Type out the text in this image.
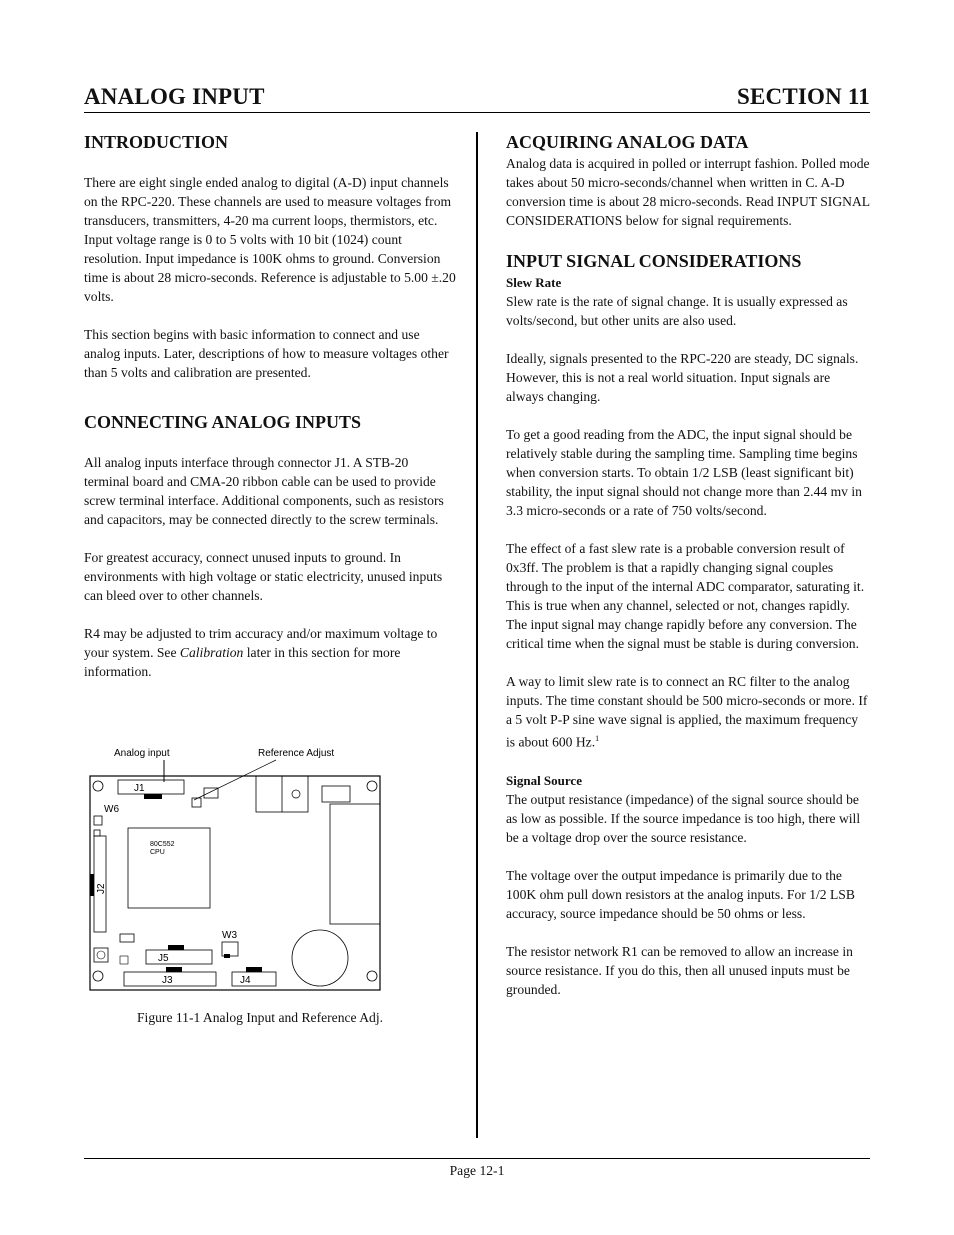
ANALOG INPUT	SECTION 11
INTRODUCTION

There are eight single ended analog to digital (A-D) input channels on the RPC-220. These channels are used to measure voltages from transducers, transmitters, 4-20 ma current loops, thermistors, etc. Input voltage range is 0 to 5 volts with 10 bit (1024) count resolution. Input impedance is 100K ohms to ground. Conversion time is about 28 micro-seconds. Reference is adjustable to 5.00 ±.20 volts.

This section begins with basic information to connect and use analog inputs. Later, descriptions of how to measure voltages other than 5 volts and calibration are presented.

CONNECTING ANALOG INPUTS

All analog inputs interface through connector J1. A STB-20 terminal board and CMA-20 ribbon cable can be used to provide screw terminal interface. Additional components, such as resistors and capacitors, may be connected directly to the screw terminals.

For greatest accuracy, connect unused inputs to ground. In environments with high voltage or static electricity, unused inputs can bleed over to other channels.

R4 may be adjusted to trim accuracy and/or maximum voltage to your system. See Calibration later in this section for more information.

Analog input	Reference Adjust
J1
W6
J2
80C552
CPU
W3
J5
J3	J4
Figure 11-1 Analog Input and Reference Adj.
ACQUIRING ANALOG DATA

Analog data is acquired in polled or interrupt fashion. Polled mode takes about 50 micro-seconds/channel when written in C. A-D conversion time is about 28 micro-seconds. Read INPUT SIGNAL CONSIDERATIONS below for signal requirements.

INPUT SIGNAL CONSIDERATIONS

Slew Rate

Slew rate is the rate of signal change. It is usually expressed as volts/second, but other units are also used.

Ideally, signals presented to the RPC-220 are steady, DC signals. However, this is not a real world situation. Input signals are always changing.

To get a good reading from the ADC, the input signal should be relatively stable during the sampling time. Sampling time begins when conversion starts. To obtain 1/2 LSB (least significant bit) stability, the input signal should not change more than 2.44 mv in 3.3 micro-seconds or a rate of 750 volts/second.

The effect of a fast slew rate is a probable conversion result of 0x3ff. The problem is that a rapidly changing signal couples through to the input of the internal ADC comparator, saturating it. This is true when any channel, selected or not, changes rapidly. The input signal may change rapidly before any conversion. The critical time when the signal must be stable is during conversion.

A way to limit slew rate is to connect an RC filter to the analog inputs. The time constant should be 500 micro-seconds or more. If a 5 volt P-P sine wave signal is applied, the maximum frequency is about 600 Hz.$^1$

Signal Source

The output resistance (impedance) of the signal source should be as low as possible. If the source impedance is too high, there will be a voltage drop over the source resistance.

The voltage over the output impedance is primarily due to the 100K ohm pull down resistors at the analog inputs. For 1/2 LSB accuracy, source impedance should be 50 ohms or less.

The resistor network R1 can be removed to allow an increase in source resistance. If you do this, then all unused inputs must be grounded.

Page 12-1
